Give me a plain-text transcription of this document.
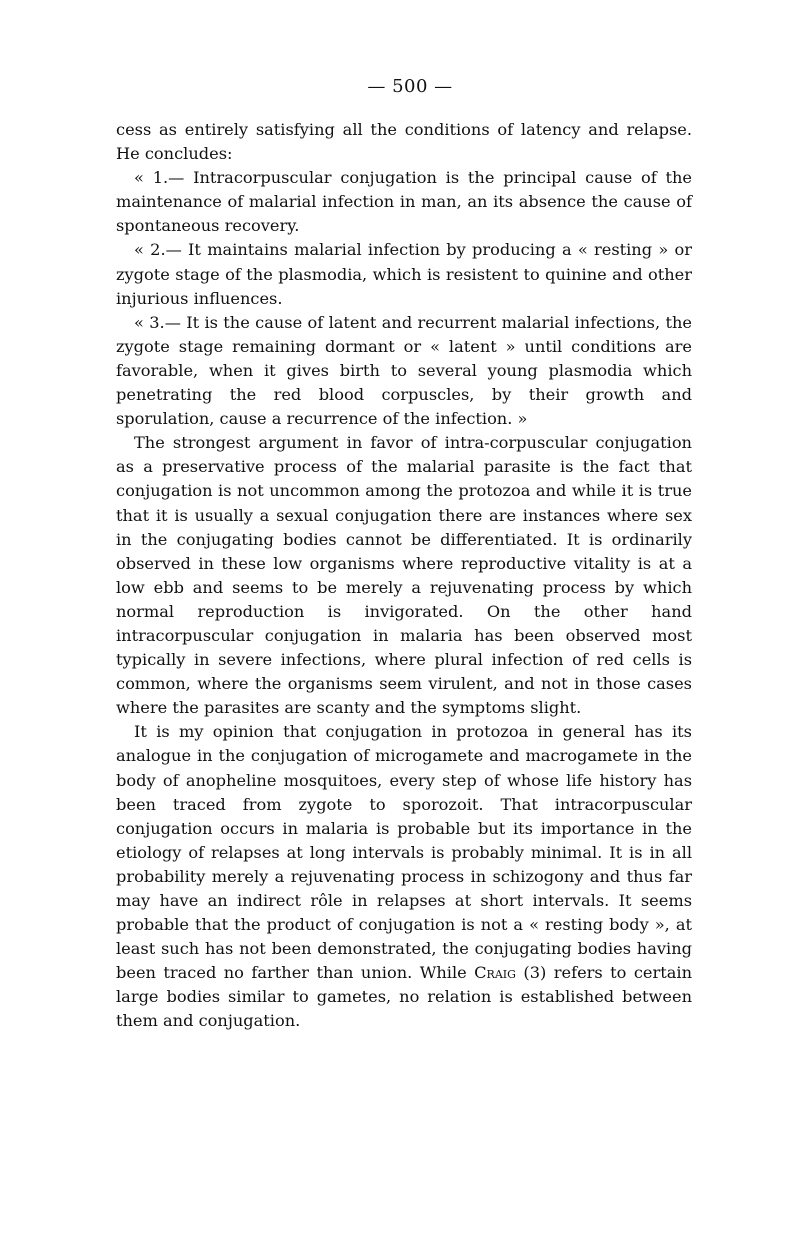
— 500 —

cess as entirely satisfying all the conditions of latency and relapse. He concludes:

« 1.— Intracorpuscular conjugation is the principal cause of the maintenance of malarial infection in man, an its absence the cause of spontaneous recovery.

« 2.— It maintains malarial infection by producing a « resting » or zygote stage of the plasmodia, which is resistent to quinine and other injurious influences.

« 3.— It is the cause of latent and recurrent malarial infections, the zygote stage remaining dormant or « latent » until conditions are favorable, when it gives birth to several young plasmodia which penetrating the red blood corpuscles, by their growth and sporulation, cause a recurrence of the infection. »

The strongest argument in favor of intra-corpuscular conjugation as a preservative process of the malarial parasite is the fact that conjugation is not uncommon among the protozoa and while it is true that it is usually a sexual conjugation there are instances where sex in the conjugating bodies cannot be differentiated. It is ordinarily observed in these low organisms where reproductive vitality is at a low ebb and seems to be merely a rejuvenating process by which normal reproduction is invigorated. On the other hand intracorpuscular conjugation in malaria has been observed most typically in severe infections, where plural infection of red cells is common, where the organisms seem virulent, and not in those cases where the parasites are scanty and the symptoms slight.

It is my opinion that conjugation in protozoa in general has its analogue in the conjugation of microgamete and macrogamete in the body of anopheline mosquitoes, every step of whose life history has been traced from zygote to sporozoit. That intracorpuscular conjugation occurs in malaria is probable but its importance in the etiology of relapses at long intervals is probably minimal. It is in all probability merely a rejuvenating process in schizogony and thus far may have an indirect rôle in relapses at short intervals. It seems probable that the product of conjugation is not a « resting body », at least such has not been demonstrated, the conjugating bodies having been traced no farther than union. While Craig (3) refers to certain large bodies similar to gametes, no relation is established between them and conjugation.
